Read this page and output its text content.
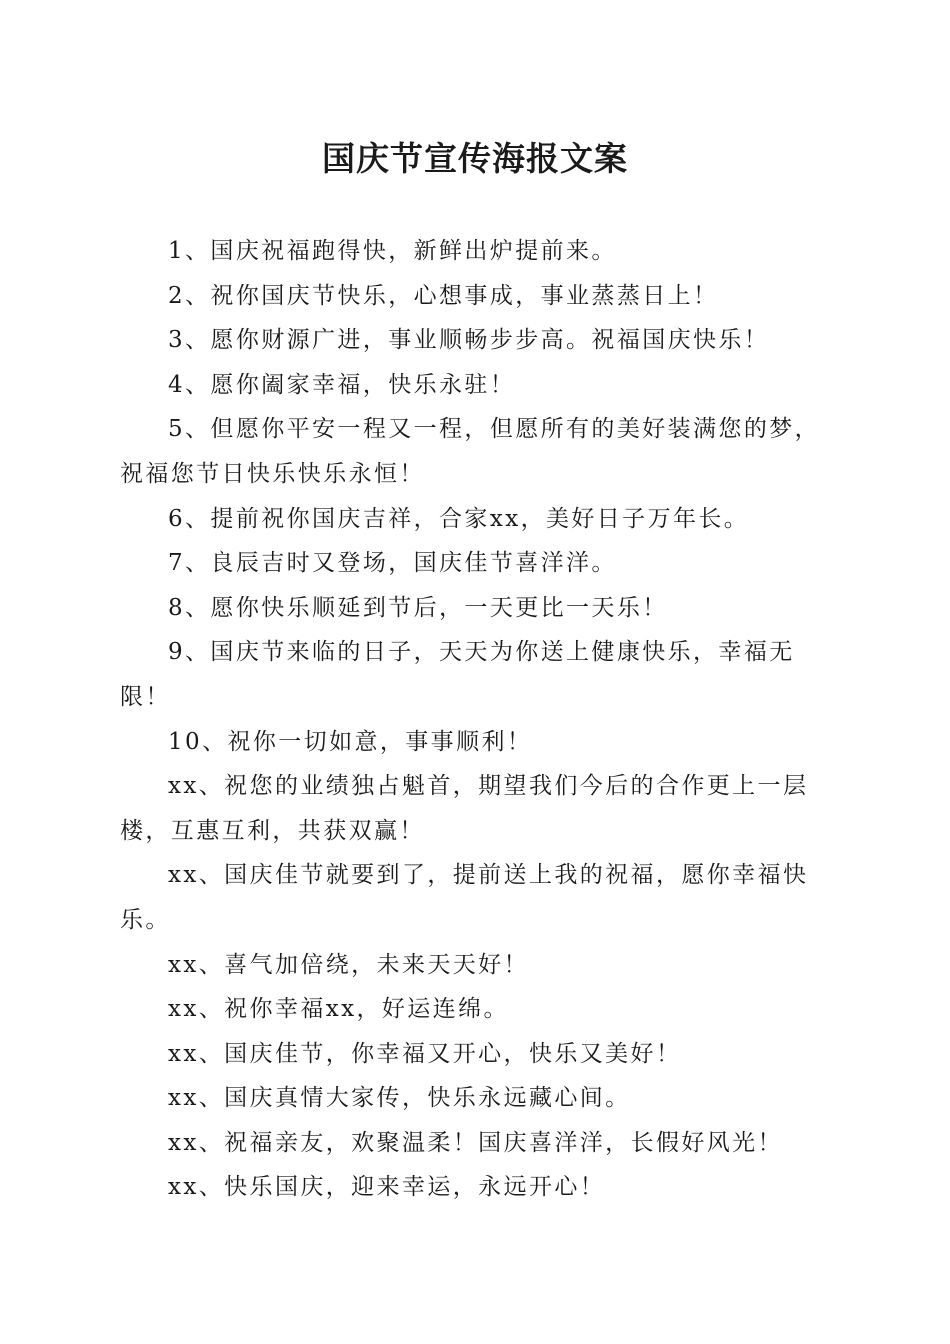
国庆节宣传海报文案

1、国庆祝福跑得快，新鲜出炉提前来。

2、祝你国庆节快乐，心想事成，事业蒸蒸日上！

3、愿你财源广进，事业顺畅步步高。祝福国庆快乐！

4、愿你阖家幸福，快乐永驻！

5、但愿你平安一程又一程，但愿所有的美好装满您的梦，祝福您节日快乐快乐永恒！

6、提前祝你国庆吉祥，合家xx，美好日子万年长。

7、良辰吉时又登场，国庆佳节喜洋洋。

8、愿你快乐顺延到节后，一天更比一天乐！

9、国庆节来临的日子，天天为你送上健康快乐，幸福无限！

10、祝你一切如意，事事顺利！

xx、祝您的业绩独占魁首，期望我们今后的合作更上一层楼，互惠互利，共获双赢！

xx、国庆佳节就要到了，提前送上我的祝福，愿你幸福快乐。

xx、喜气加倍绕，未来天天好！

xx、祝你幸福xx，好运连绵。

xx、国庆佳节，你幸福又开心，快乐又美好！

xx、国庆真情大家传，快乐永远藏心间。

xx、祝福亲友，欢聚温柔！国庆喜洋洋，长假好风光！

xx、快乐国庆，迎来幸运，永远开心！
